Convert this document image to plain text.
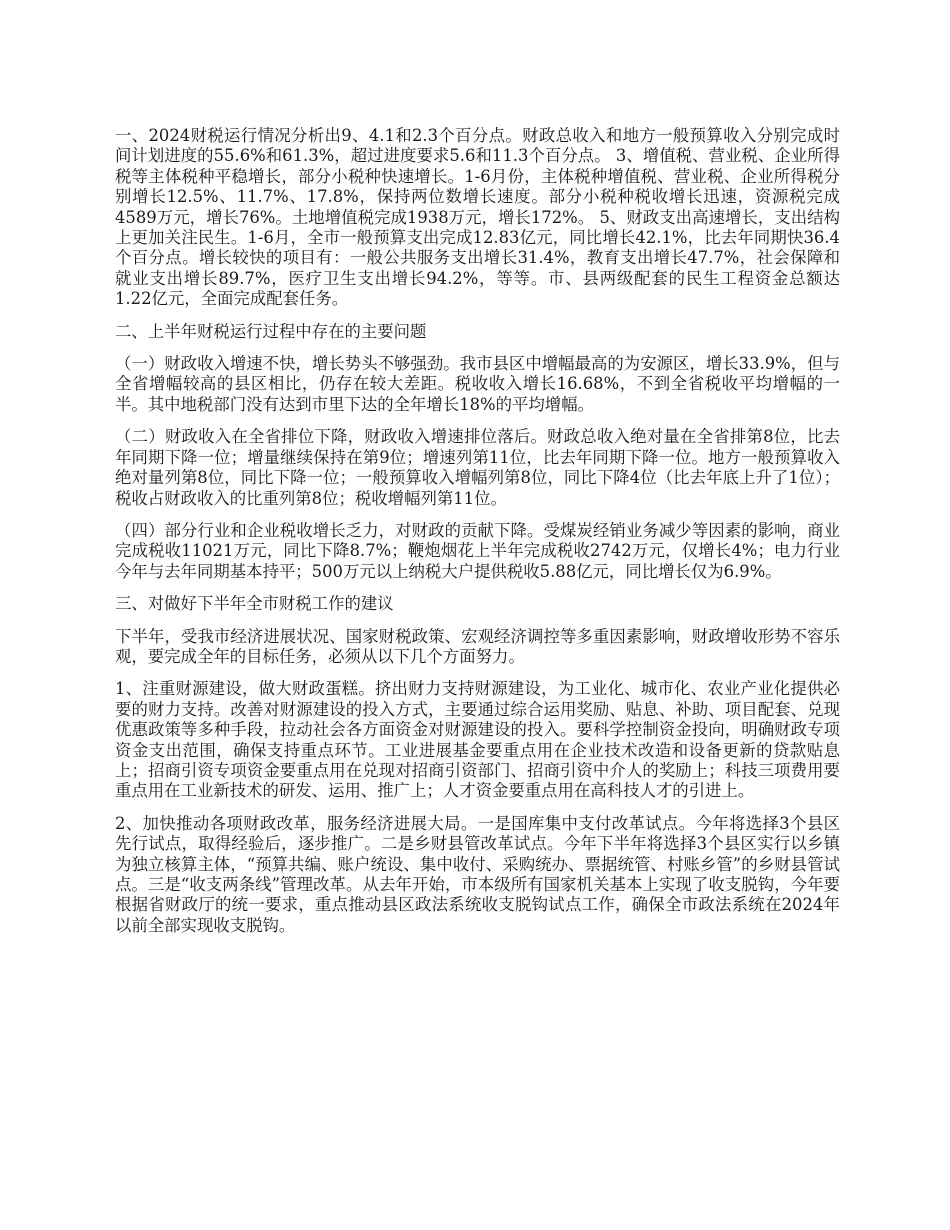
一、2024财税运行情况分析出9、4.1和2.3个百分点。财政总收入和地方一般预算收入分别完成时间计划进度的55.6%和61.3%，超过进度要求5.6和11.3个百分点。 3、增值税、营业税、企业所得税等主体税种平稳增长，部分小税种快速增长。1-6月份，主体税种增值税、营业税、企业所得税分别增长12.5%、11.7%、17.8%，保持两位数增长速度。部分小税种税收增长迅速，资源税完成4589万元，增长76%。土地增值税完成1938万元，增长172%。 5、财政支出高速增长，支出结构上更加关注民生。1-6月，全市一般预算支出完成12.83亿元，同比增长42.1%，比去年同期快36.4个百分点。增长较快的项目有：一般公共服务支出增长31.4%，教育支出增长47.7%，社会保障和就业支出增长89.7%，医疗卫生支出增长94.2%，等等。市、县两级配套的民生工程资金总额达1.22亿元，全面完成配套任务。

二、上半年财税运行过程中存在的主要问题

（一）财政收入增速不快，增长势头不够强劲。我市县区中增幅最高的为安源区，增长33.9%，但与全省增幅较高的县区相比，仍存在较大差距。税收收入增长16.68%，不到全省税收平均增幅的一半。其中地税部门没有达到市里下达的全年增长18%的平均增幅。

（二）财政收入在全省排位下降，财政收入增速排位落后。财政总收入绝对量在全省排第8位，比去年同期下降一位；增量继续保持在第9位；增速列第11位，比去年同期下降一位。地方一般预算收入绝对量列第8位，同比下降一位；一般预算收入增幅列第8位，同比下降4位（比去年底上升了1位）；税收占财政收入的比重列第8位；税收增幅列第11位。

（四）部分行业和企业税收增长乏力，对财政的贡献下降。受煤炭经销业务减少等因素的影响，商业完成税收11021万元，同比下降8.7%；鞭炮烟花上半年完成税收2742万元，仅增长4%；电力行业今年与去年同期基本持平；500万元以上纳税大户提供税收5.88亿元，同比增长仅为6.9%。

三、对做好下半年全市财税工作的建议

下半年，受我市经济进展状况、国家财税政策、宏观经济调控等多重因素影响，财政增收形势不容乐观，要完成全年的目标任务，必须从以下几个方面努力。

1、注重财源建设，做大财政蛋糕。挤出财力支持财源建设，为工业化、城市化、农业产业化提供必要的财力支持。改善对财源建设的投入方式，主要通过综合运用奖励、贴息、补助、项目配套、兑现优惠政策等多种手段，拉动社会各方面资金对财源建设的投入。要科学控制资金投向，明确财政专项资金支出范围，确保支持重点环节。工业进展基金要重点用在企业技术改造和设备更新的贷款贴息上；招商引资专项资金要重点用在兑现对招商引资部门、招商引资中介人的奖励上；科技三项费用要重点用在工业新技术的研发、运用、推广上；人才资金要重点用在高科技人才的引进上。

2、加快推动各项财政改革，服务经济进展大局。一是国库集中支付改革试点。今年将选择3个县区先行试点，取得经验后，逐步推广。二是乡财县管改革试点。今年下半年将选择3个县区实行以乡镇为独立核算主体，“预算共编、账户统设、集中收付、采购统办、票据统管、村账乡管”的乡财县管试点。三是“收支两条线”管理改革。从去年开始，市本级所有国家机关基本上实现了收支脱钩，今年要根据省财政厅的统一要求，重点推动县区政法系统收支脱钩试点工作，确保全市政法系统在2024年以前全部实现收支脱钩。
